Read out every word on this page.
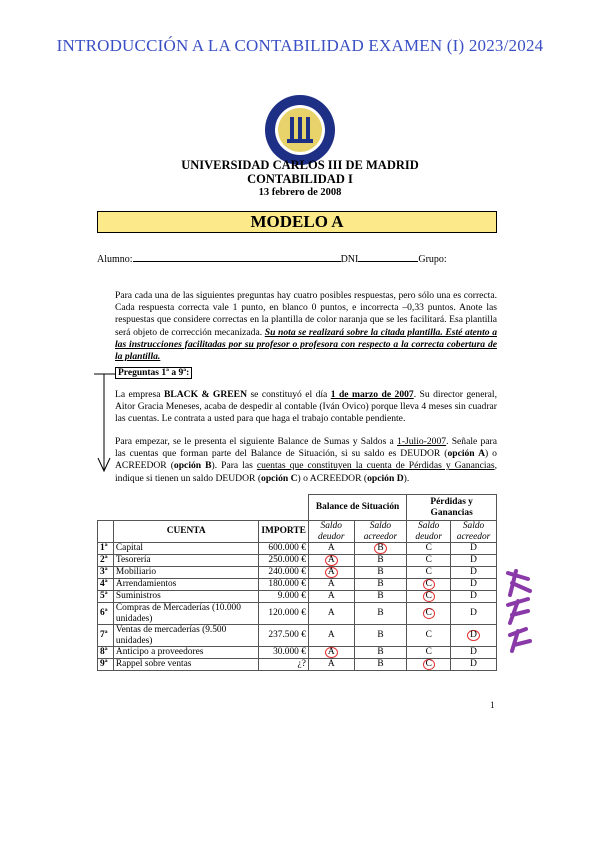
INTRODUCCIÓN A LA CONTABILIDAD EXAMEN (I) 2023/2024
UNIVERSIDAD CARLOS III DE MADRID
CONTABILIDAD I
13 febrero de 2008
MODELO A
Alumno:	DNI	Grupo:
Para cada una de las siguientes preguntas hay cuatro posibles respuestas, pero sólo una es correcta. Cada respuesta correcta vale 1 punto, en blanco 0 puntos, e incorrecta –0,33 puntos. Anote las respuestas que considere correctas en la plantilla de color naranja que se les facilitará. Esa plantilla será objeto de corrección mecanizada. Su nota se realizará sobre la citada plantilla. Esté atento a las instrucciones facilitadas por su profesor o profesora con respecto a la correcta cobertura de la plantilla.
Preguntas 1ª a 9ª:
La empresa BLACK & GREEN se constituyó el día 1 de marzo de 2007. Su director general, Aitor Gracia Meneses, acaba de despedir al contable (Iván Ovico) porque lleva 4 meses sin cuadrar las cuentas. Le contrata a usted para que haga el trabajo contable pendiente.
Para empezar, se le presenta el siguiente Balance de Sumas y Saldos a 1-Julio-2007. Señale para las cuentas que forman parte del Balance de Situación, si su saldo es DEUDOR (opción A) o ACREEDOR (opción B). Para las cuentas que constituyen la cuenta de Pérdidas y Ganancias, indique si tienen un saldo DEUDOR (opción C) o ACREEDOR (opción D).
			Balance de Situación		Pérdidas y Ganancias	
	CUENTA	IMPORTE	Saldo deudor	Saldo acreedor	Saldo deudor	Saldo acreedor
1ª	Capital	600.000 €	A	B	C	D
2ª	Tesorería	250.000 €	A	B	C	D
3ª	Mobiliario	240.000 €	A	B	C	D
4ª	Arrendamientos	180.000 €	A	B	C	D
5ª	Suministros	9.000 €	A	B	C	D
6ª	Compras de Mercaderías (10.000 unidades)	120.000 €	A	B	C	D
7ª	Ventas de mercaderías (9.500 unidades)	237.500 €	A	B	C	D
8ª	Anticipo a proveedores	30.000 €	A	B	C	D
9ª	Rappel sobre ventas	¿?	A	B	C	D
1
